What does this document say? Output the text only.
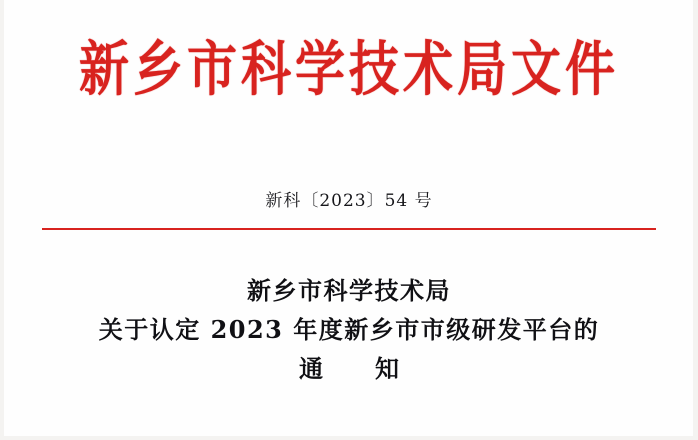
新乡市科学技术局文件
新科〔2023〕54 号
新乡市科学技术局
关于认定 2023 年度新乡市市级研发平台的
通　知
